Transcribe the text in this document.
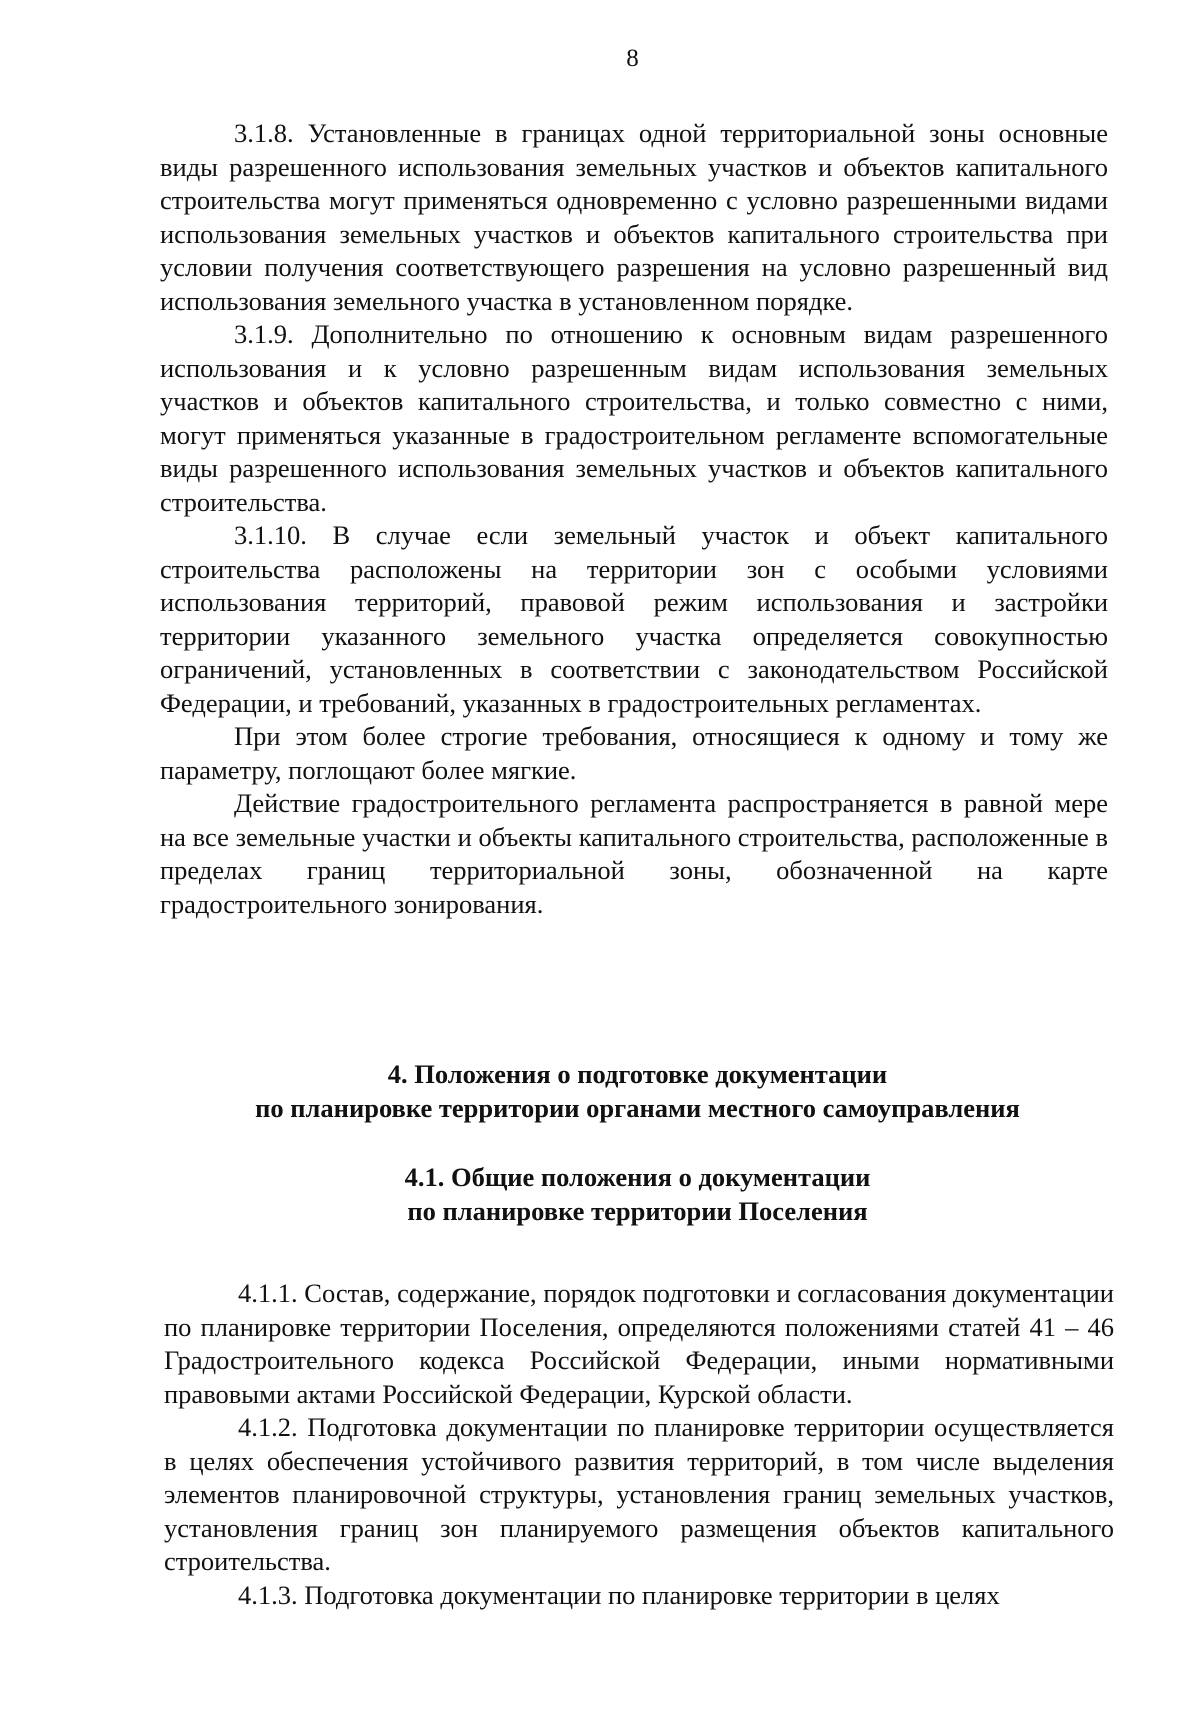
8

3.1.8. Установленные в границах одной территориальной зоны основные виды разрешенного использования земельных участков и объектов капитального строительства могут применяться одновременно с условно разрешенными видами использования земельных участков и объектов капитального строительства при условии получения соответствующего разрешения на условно разрешенный вид использования земельного участка в установленном порядке.

3.1.9. Дополнительно по отношению к основным видам разрешенного использования и к условно разрешенным видам использования земельных участков и объектов капитального строительства, и только совместно с ними, могут применяться указанные в градостроительном регламенте вспомогательные виды разрешенного использования земельных участков и объектов капитального строительства.

3.1.10. В случае если земельный участок и объект капитального строительства расположены на территории зон с особыми условиями использования территорий, правовой режим использования и застройки территории указанного земельного участка определяется совокупностью ограничений, установленных в соответствии с законодательством Российской Федерации, и требований, указанных в градостроительных регламентах.

При этом более строгие требования, относящиеся к одному и тому же параметру, поглощают более мягкие.

Действие градостроительного регламента распространяется в равной мере на все земельные участки и объекты капитального строительства, расположенные в пределах границ территориальной зоны, обозначенной на карте градостроительного зонирования.

4. Положения о подготовке документации
по планировке территории органами местного самоуправления
4.1. Общие положения о документации
по планировке территории Поселения

4.1.1. Состав, содержание, порядок подготовки и согласования документации по планировке территории Поселения, определяются положениями статей 41 – 46 Градостроительного кодекса Российской Федерации, иными нормативными правовыми актами Российской Федерации, Курской области.

4.1.2. Подготовка документации по планировке территории осуществляется в целях обеспечения устойчивого развития территорий, в том числе выделения элементов планировочной структуры, установления границ земельных участков, установления границ зон планируемого размещения объектов капитального строительства.

4.1.3. Подготовка документации по планировке территории в целях
